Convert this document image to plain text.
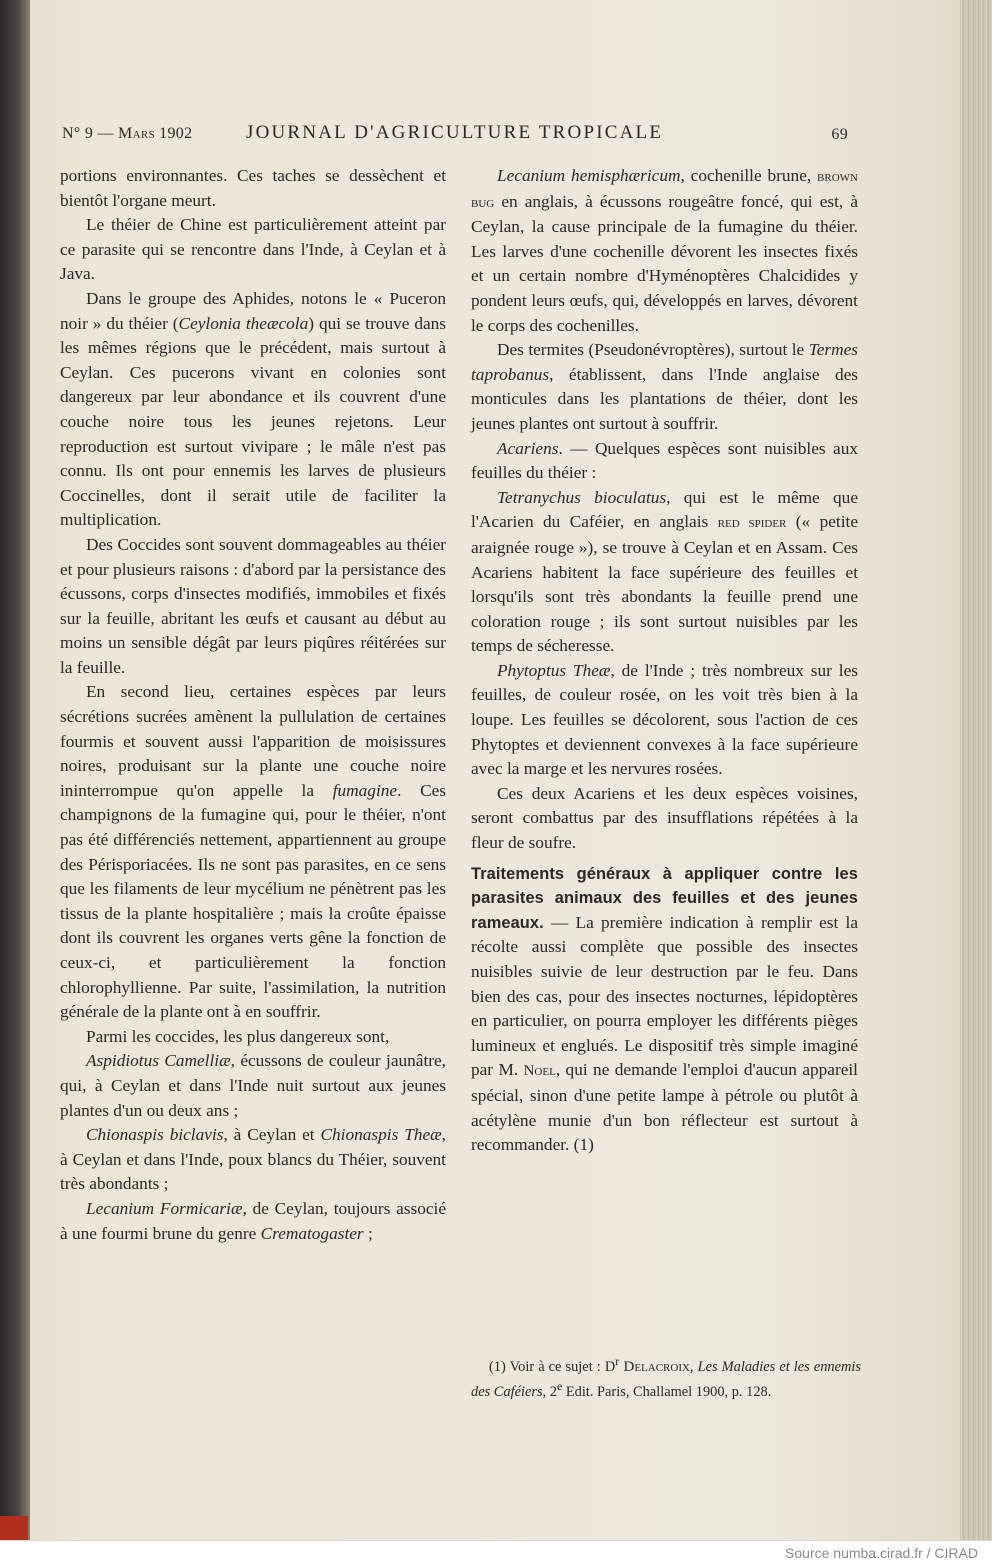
N° 9 — Mars 1902	JOURNAL D'AGRICULTURE TROPICALE	69

portions environnantes. Ces taches se dessèchent et bientôt l'organe meurt.

Le théier de Chine est particulièrement atteint par ce parasite qui se rencontre dans l'Inde, à Ceylan et à Java.

Dans le groupe des Aphides, notons le « Puceron noir » du théier (Ceylonia theæcola) qui se trouve dans les mêmes régions que le précédent, mais surtout à Ceylan. Ces pucerons vivant en colonies sont dangereux par leur abondance et ils couvrent d'une couche noire tous les jeunes rejetons. Leur reproduction est surtout vivipare ; le mâle n'est pas connu. Ils ont pour ennemis les larves de plusieurs Coccinelles, dont il serait utile de faciliter la multiplication.

Des Coccides sont souvent dommageables au théier et pour plusieurs raisons : d'abord par la persistance des écussons, corps d'insectes modifiés, immobiles et fixés sur la feuille, abritant les œufs et causant au début au moins un sensible dégât par leurs piqûres réitérées sur la feuille.

En second lieu, certaines espèces par leurs sécrétions sucrées amènent la pullulation de certaines fourmis et souvent aussi l'apparition de moisissures noires, produisant sur la plante une couche noire ininterrompue qu'on appelle la fumagine. Ces champignons de la fumagine qui, pour le théier, n'ont pas été différenciés nettement, appartiennent au groupe des Périsporiacées. Ils ne sont pas parasites, en ce sens que les filaments de leur mycélium ne pénètrent pas les tissus de la plante hospitalière ; mais la croûte épaisse dont ils couvrent les organes verts gêne la fonction de ceux-ci, et particulièrement la fonction chlorophyllienne. Par suite, l'assimilation, la nutrition générale de la plante ont à en souffrir.

Parmi les coccides, les plus dangereux sont,

Aspidiotus Camelliæ, écussons de couleur jaunâtre, qui, à Ceylan et dans l'Inde nuit surtout aux jeunes plantes d'un ou deux ans ;

Chionaspis biclavis, à Ceylan et Chionaspis Theæ, à Ceylan et dans l'Inde, poux blancs du Théier, souvent très abondants ;

Lecanium Formicariæ, de Ceylan, toujours associé à une fourmi brune du genre Crematogaster ;

Lecanium hemisphæricum, cochenille brune, brown bug en anglais, à écussons rougeâtre foncé, qui est, à Ceylan, la cause principale de la fumagine du théier. Les larves d'une cochenille dévorent les insectes fixés et un certain nombre d'Hyménoptères Chalcidides y pondent leurs œufs, qui, développés en larves, dévorent le corps des cochenilles.

Des termites (Pseudonévroptères), surtout le Termes taprobanus, établissent, dans l'Inde anglaise des monticules dans les plantations de théier, dont les jeunes plantes ont surtout à souffrir.

Acariens. — Quelques espèces sont nuisibles aux feuilles du théier :

Tetranychus bioculatus, qui est le même que l'Acarien du Caféier, en anglais red spider (« petite araignée rouge »), se trouve à Ceylan et en Assam. Ces Acariens habitent la face supérieure des feuilles et lorsqu'ils sont très abondants la feuille prend une coloration rouge ; ils sont surtout nuisibles par les temps de sécheresse.

Phytoptus Theæ, de l'Inde ; très nombreux sur les feuilles, de couleur rosée, on les voit très bien à la loupe. Les feuilles se décolorent, sous l'action de ces Phytoptes et deviennent convexes à la face supérieure avec la marge et les nervures rosées.

Ces deux Acariens et les deux espèces voisines, seront combattus par des insufflations répétées à la fleur de soufre.

Traitements généraux à appliquer contre les parasites animaux des feuilles et des jeunes rameaux. — La première indication à remplir est la récolte aussi complète que possible des insectes nuisibles suivie de leur destruction par le feu. Dans bien des cas, pour des insectes nocturnes, lépidoptères en particulier, on pourra employer les différents pièges lumineux et englués. Le dispositif très simple imaginé par M. Noel, qui ne demande l'emploi d'aucun appareil spécial, sinon d'une petite lampe à pétrole ou plutôt à acétylène munie d'un bon réflecteur est surtout à recommander. (1)

(1) Voir à ce sujet : $D^r$ Delacroix, Les Maladies et les ennemis des Caféiers, 2e Edit. Paris, Challamel 1900, p. 128.
Source numba.cirad.fr / CIRAD
